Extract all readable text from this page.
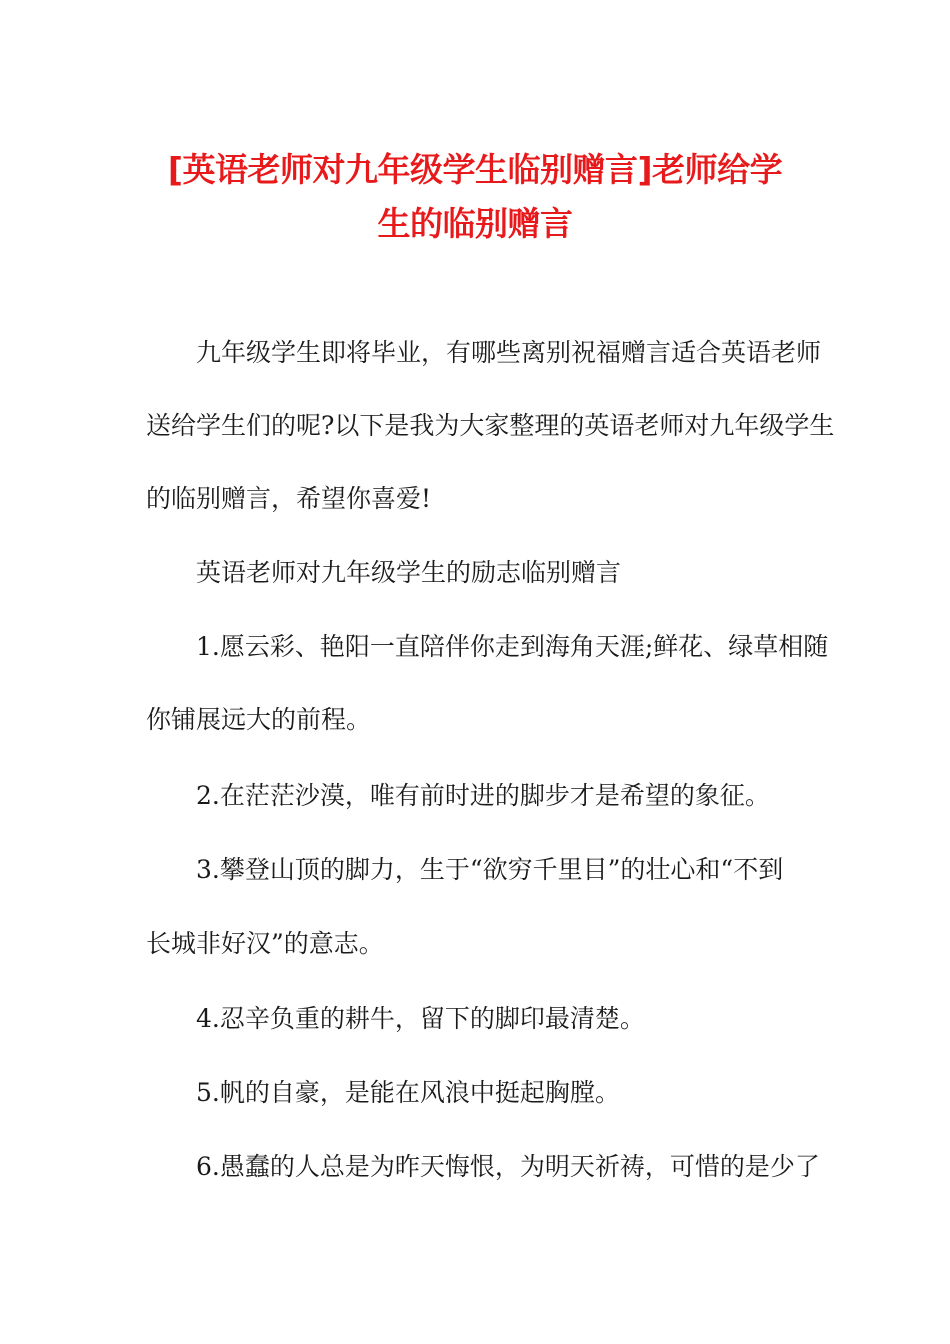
[英语老师对九年级学生临别赠言]老师给学
生的临别赠言
　　九年级学生即将毕业，有哪些离别祝福赠言适合英语老师
送给学生们的呢?以下是我为大家整理的英语老师对九年级学生
的临别赠言，希望你喜爱!
　　英语老师对九年级学生的励志临别赠言
　　1.愿云彩、艳阳一直陪伴你走到海角天涯;鲜花、绿草相随
你铺展远大的前程。
　　2.在茫茫沙漠，唯有前时进的脚步才是希望的象征。
　　3.攀登山顶的脚力，生于“欲穷千里目”的壮心和“不到
长城非好汉”的意志。
　　4.忍辛负重的耕牛，留下的脚印最清楚。
　　5.帆的自豪，是能在风浪中挺起胸膛。
　　6.愚蠢的人总是为昨天悔恨，为明天祈祷，可惜的是少了
